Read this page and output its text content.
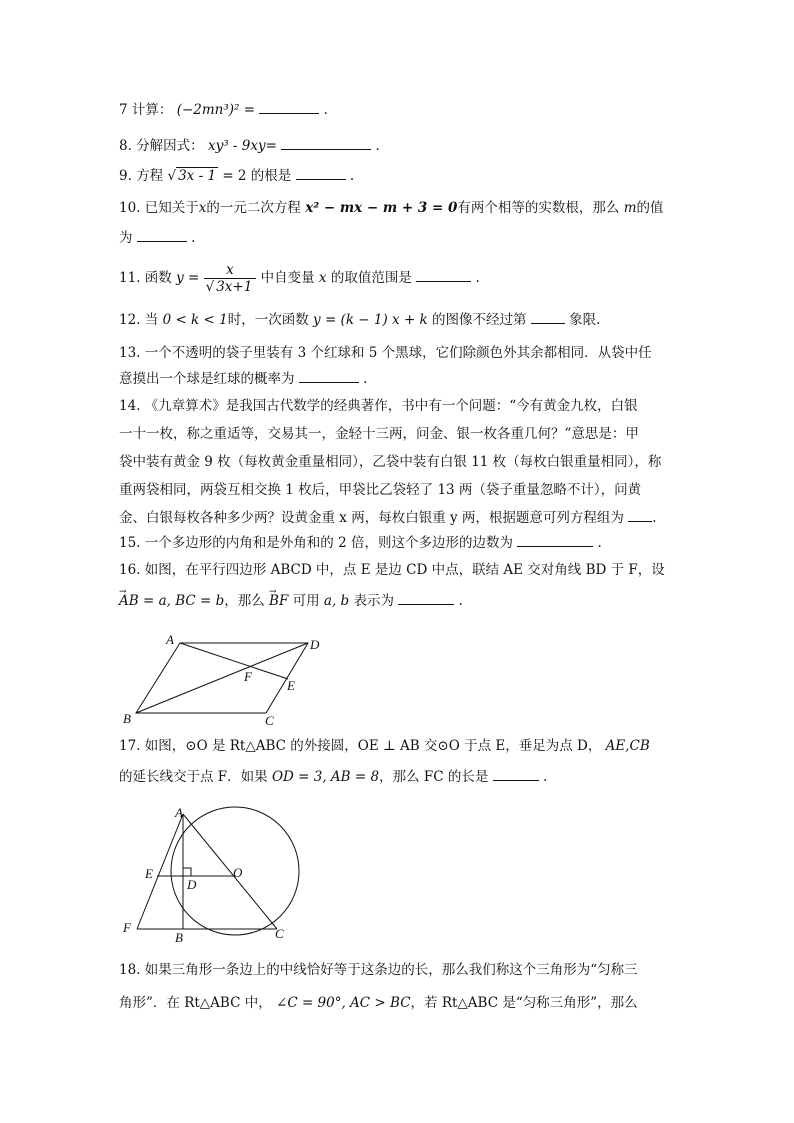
7 计算： (−2mn³)² =	.
8. 分解因式： xy³ - 9xy=	.
9. 方程 √ 3x - 1 = 2 的根是	.
10. 已知关于x的一元二次方程 x² − mx − m + 3 = 0有两个相等的实数根，那么 m的值
为	.
11. 函数 $y = \frac{x}{√ 3x+1}$ 中自变量 x 的取值范围是	.
12. 当 0 < k < 1时，一次函数 y = (k − 1) x + k 的图像不经过第	象限.
13. 一个不透明的袋子里装有 3 个红球和 5 个黑球，它们除颜色外其余都相同．从袋中任
意摸出一个球是红球的概率为	.
14. 《九章算术》是我国古代数学的经典著作，书中有一个问题：“今有黄金九枚，白银
一十一枚，称之重适等，交易其一，金轻十三两，问金、银一枚各重几何？”意思是：甲
袋中装有黄金 9 枚（每枚黄金重量相同），乙袋中装有白银 11 枚（每枚白银重量相同），称
重两袋相同，两袋互相交换 1 枚后，甲袋比乙袋轻了 13 两（袋子重量忽略不计），问黄
金、白银每枚各种多少两？设黄金重 x 两，每枚白银重 y 两，根据题意可列方程组为 .
15. 一个多边形的内角和是外角和的 2 倍，则这个多边形的边数为	.
16. 如图，在平行四边形 ABCD 中，点 E 是边 CD 中点，联结 AE 交对角线 BD 于 F，设
→ AB = a, BC = b，那么 → BF 可用 a, b 表示为	.
A	D
B	C
E
F
17. 如图，⊙O 是 Rt△ABC 的外接圆，OE ⊥ AB 交⊙O 于点 E，垂足为点 D， AE,CB
的延长线交于点 F．如果 OD = 3, AB = 8，那么 FC 的长是	.
A
E
D
O
F
B	C
18. 如果三角形一条边上的中线恰好等于这条边的长，那么我们称这个三角形为“匀称三
角形”．在 Rt△ABC 中， ∠C = 90°, AC > BC，若 Rt△ABC 是“匀称三角形”，那么
